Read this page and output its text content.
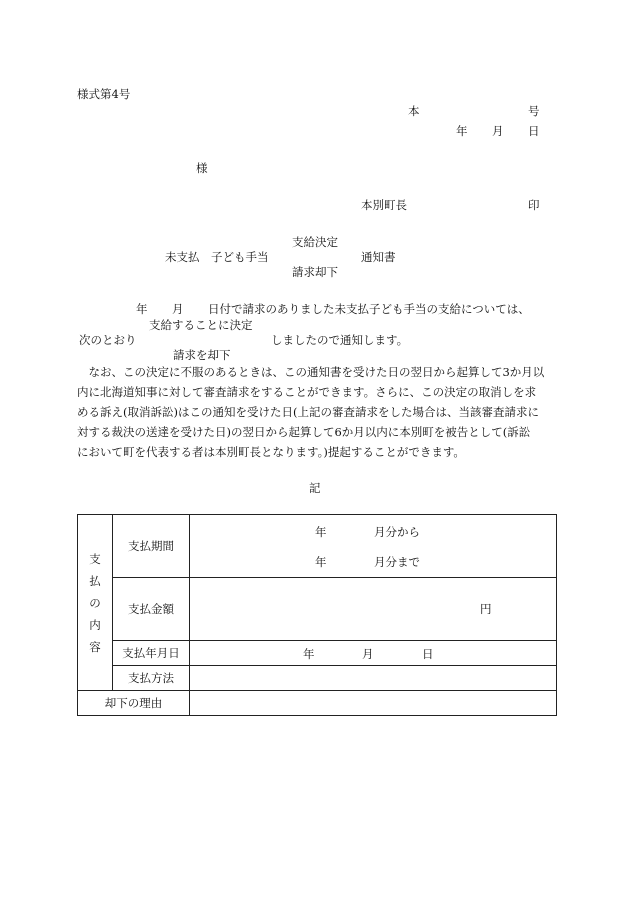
様式第4号
本	号
年 月 日
様
本別町長	印
支給決定
未支払　子ども手当	通知書
請求却下
年 月 日付で請求のありました未支払子ども手当の支給については、
支給することに決定
次のとおり	しましたので通知します。
請求を却下
　なお、この決定に不服のあるときは、この通知書を受けた日の翌日から起算して3か月以
内に北海道知事に対して審査請求をすることができます。さらに、この決定の取消しを求
める訴え(取消訴訟)はこの通知を受けた日(上記の審査請求をした場合は、当該審査請求に
対する裁決の送達を受けた日)の翌日から起算して6か月以内に本別町を被告として(訴訟
において町を代表する者は本別町長となります。)提起することができます。
記
支
払
の
内
容	支払期間	年 月分から
年 月分まで

	支払金額	円

	支払年月日	年 月 日

	支払方法	
却下の理由		
